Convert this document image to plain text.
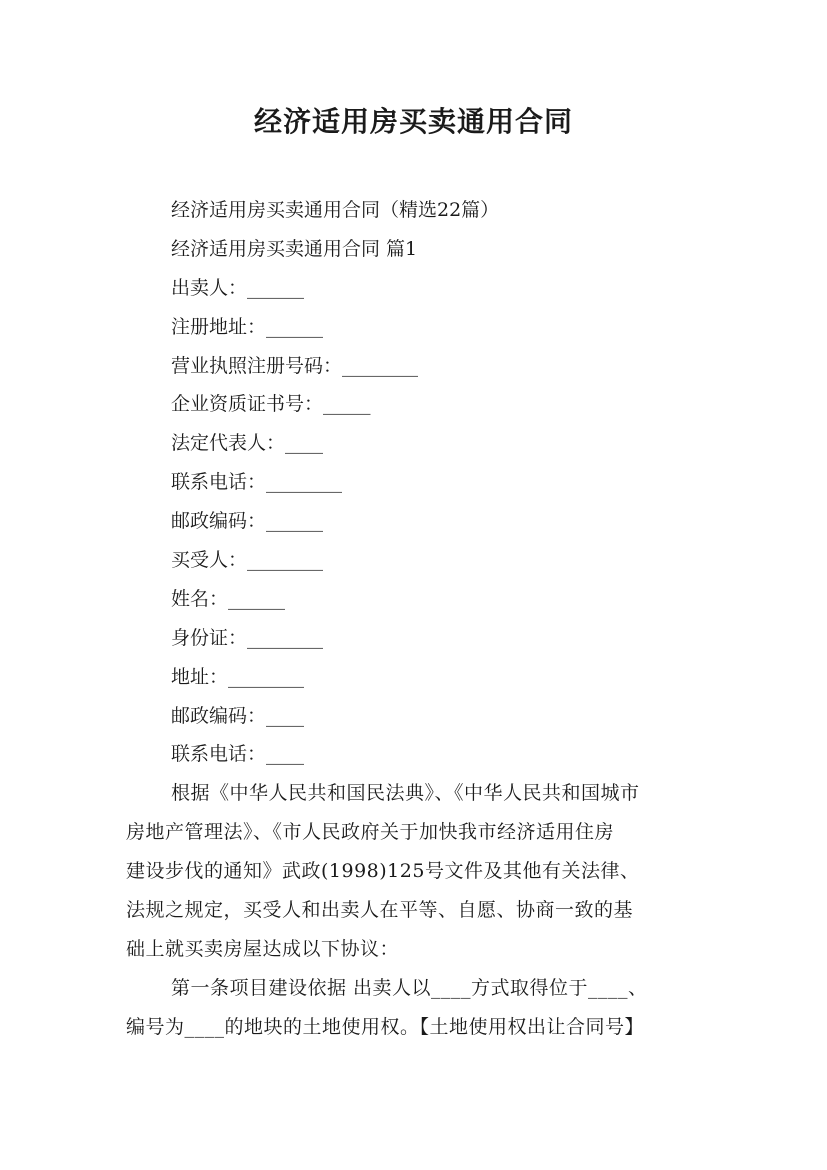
经济适用房买卖通用合同
经济适用房买卖通用合同（精选22篇）
经济适用房买卖通用合同 篇1
出卖人：______
注册地址：______
营业执照注册号码：________
企业资质证书号：_____
法定代表人：____
联系电话：________
邮政编码：______
买受人：________
姓名：______
身份证：________
地址：________
邮政编码：____
联系电话：____
根据《中华人民共和国民法典》、《中华人民共和国城市
房地产管理法》、《市人民政府关于加快我市经济适用住房
建设步伐的通知》武政(1998)125号文件及其他有关法律、
法规之规定，买受人和出卖人在平等、自愿、协商一致的基
础上就买卖房屋达成以下协议：
第一条项目建设依据 出卖人以____方式取得位于____、
编号为____的地块的土地使用权。【土地使用权出让合同号】
